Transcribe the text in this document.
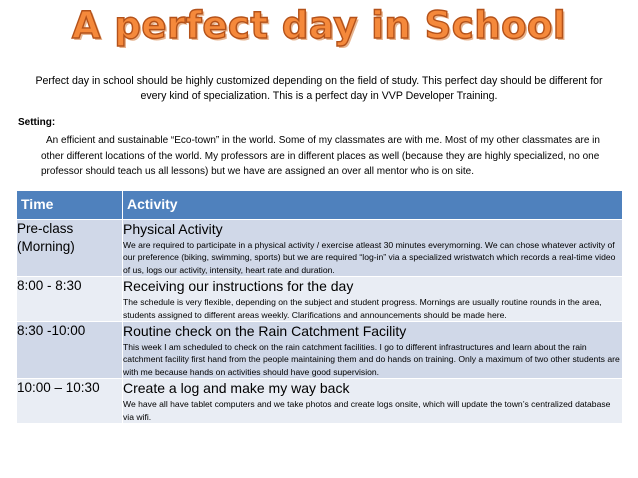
A perfect day in School
Perfect day in school should be highly customized depending on the field of study. This perfect day should be different for every kind of specialization. This is a perfect day in VVP Developer Training.
Setting:
An efficient and sustainable “Eco-town” in the world. Some of my classmates are with me. Most of my other classmates are in other different locations of the world. My professors are in different places as well (because they are highly specialized, no one professor should teach us all lessons) but we have are assigned an over all mentor who is on site.
Time	Activity
Pre-class (Morning)	Physical Activity
We are required to participate in a physical activity / exercise atleast 30 minutes everymorning. We can chose whatever activity of our preference (biking, swimming, sports) but we are required “log-in” via a specialized wristwatch which records a real-time video of us, logs our activity, intensity, heart rate and duration.

8:00 - 8:30	Receiving our instructions for the day
The schedule is very flexible, depending on the subject and student progress. Mornings are usually routine rounds in the area, students assigned to different areas weekly. Clarifications and announcements should be made here.

8:30 -10:00	Routine check on the Rain Catchment Facility
This week I am scheduled to check on the rain catchment facilities. I go to different infrastructures and learn about the rain catchment facility first hand from the people maintaining them and do hands on training. Only a maximum of two other students are with me because hands on activities should have good supervision.

10:00 – 10:30	Create a log and make my way back
We have all have tablet computers and we take photos and create logs onsite, which will update the town’s centralized database via wifi.
